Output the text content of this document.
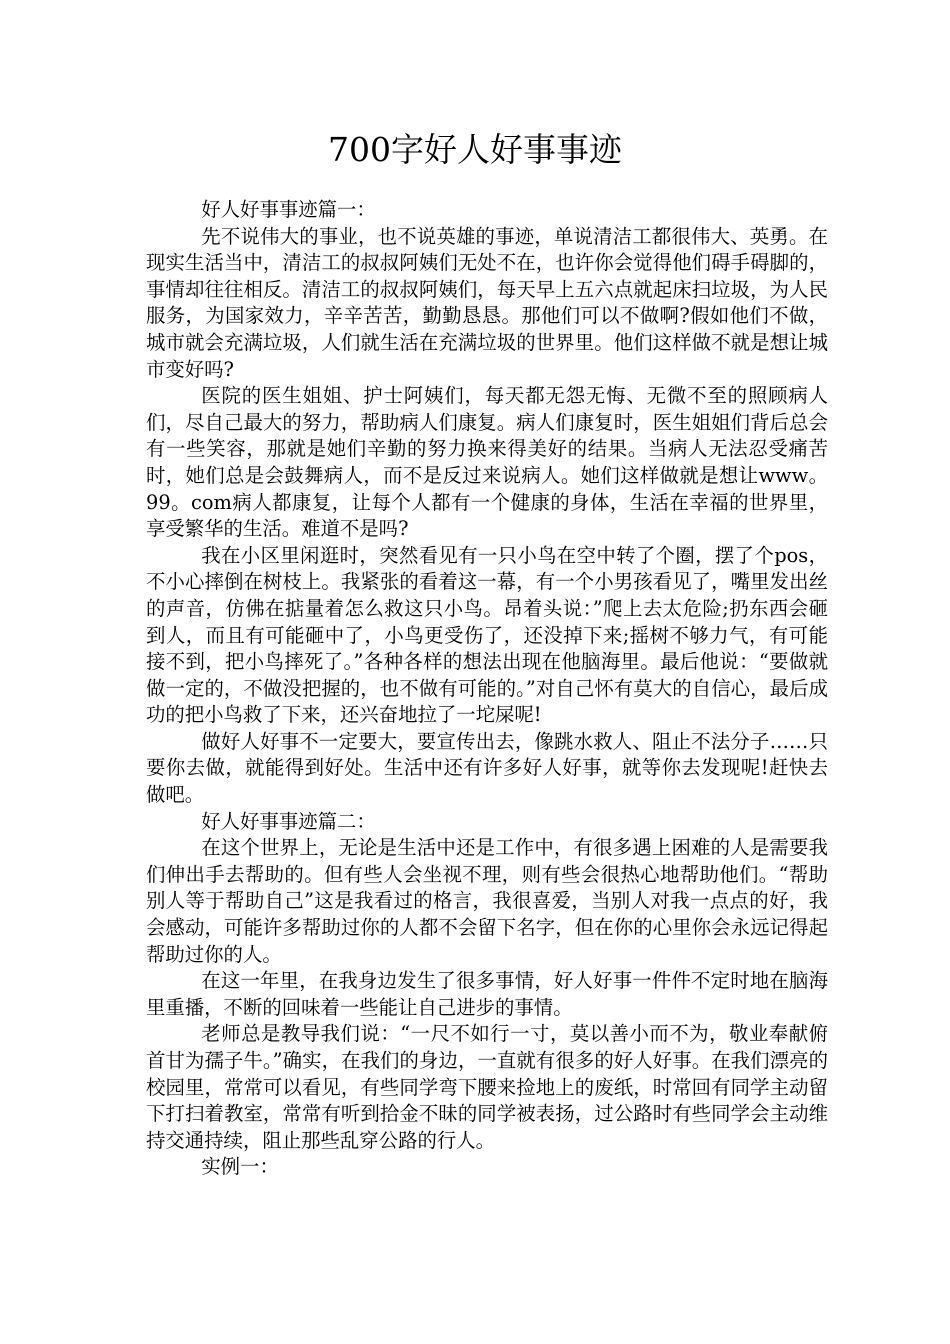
700字好人好事事迹

好人好事事迹篇一：

先不说伟大的事业，也不说英雄的事迹，单说清洁工都很伟大、英勇。在现实生活当中，清洁工的叔叔阿姨们无处不在，也许你会觉得他们碍手碍脚的，事情却往往相反。清洁工的叔叔阿姨们，每天早上五六点就起床扫垃圾，为人民服务，为国家效力，辛辛苦苦，勤勤恳恳。那他们可以不做啊?假如他们不做，城市就会充满垃圾，人们就生活在充满垃圾的世界里。他们这样做不就是想让城市变好吗?

医院的医生姐姐、护士阿姨们，每天都无怨无悔、无微不至的照顾病人们，尽自己最大的努力，帮助病人们康复。病人们康复时，医生姐姐们背后总会有一些笑容，那就是她们辛勤的努力换来得美好的结果。当病人无法忍受痛苦时，她们总是会鼓舞病人，而不是反过来说病人。她们这样做就是想让www。99。com病人都康复，让每个人都有一个健康的身体，生活在幸福的世界里，享受繁华的生活。难道不是吗?

我在小区里闲逛时，突然看见有一只小鸟在空中转了个圈，摆了个pos，不小心摔倒在树枝上。我紧张的看着这一幕，有一个小男孩看见了，嘴里发出丝的声音，仿佛在掂量着怎么救这只小鸟。昂着头说：”爬上去太危险;扔东西会砸到人，而且有可能砸中了，小鸟更受伤了，还没掉下来;摇树不够力气，有可能接不到，把小鸟摔死了。”各种各样的想法出现在他脑海里。最后他说：“要做就做一定的，不做没把握的，也不做有可能的。”对自己怀有莫大的自信心，最后成功的把小鸟救了下来，还兴奋地拉了一坨屎呢!

做好人好事不一定要大，要宣传出去，像跳水救人、阻止不法分子……只要你去做，就能得到好处。生活中还有许多好人好事，就等你去发现呢!赶快去做吧。

好人好事事迹篇二：

在这个世界上，无论是生活中还是工作中，有很多遇上困难的人是需要我们伸出手去帮助的。但有些人会坐视不理，则有些会很热心地帮助他们。“帮助别人等于帮助自己”这是我看过的格言，我很喜爱，当别人对我一点点的好，我会感动，可能许多帮助过你的人都不会留下名字，但在你的心里你会永远记得起帮助过你的人。

在这一年里，在我身边发生了很多事情，好人好事一件件不定时地在脑海里重播，不断的回味着一些能让自己进步的事情。

老师总是教导我们说：“一尺不如行一寸，莫以善小而不为，敬业奉献俯首甘为孺子牛。”确实，在我们的身边，一直就有很多的好人好事。在我们漂亮的校园里，常常可以看见，有些同学弯下腰来捡地上的废纸，时常回有同学主动留下打扫着教室，常常有听到拾金不昧的同学被表扬，过公路时有些同学会主动维持交通持续，阻止那些乱穿公路的行人。

实例一：
